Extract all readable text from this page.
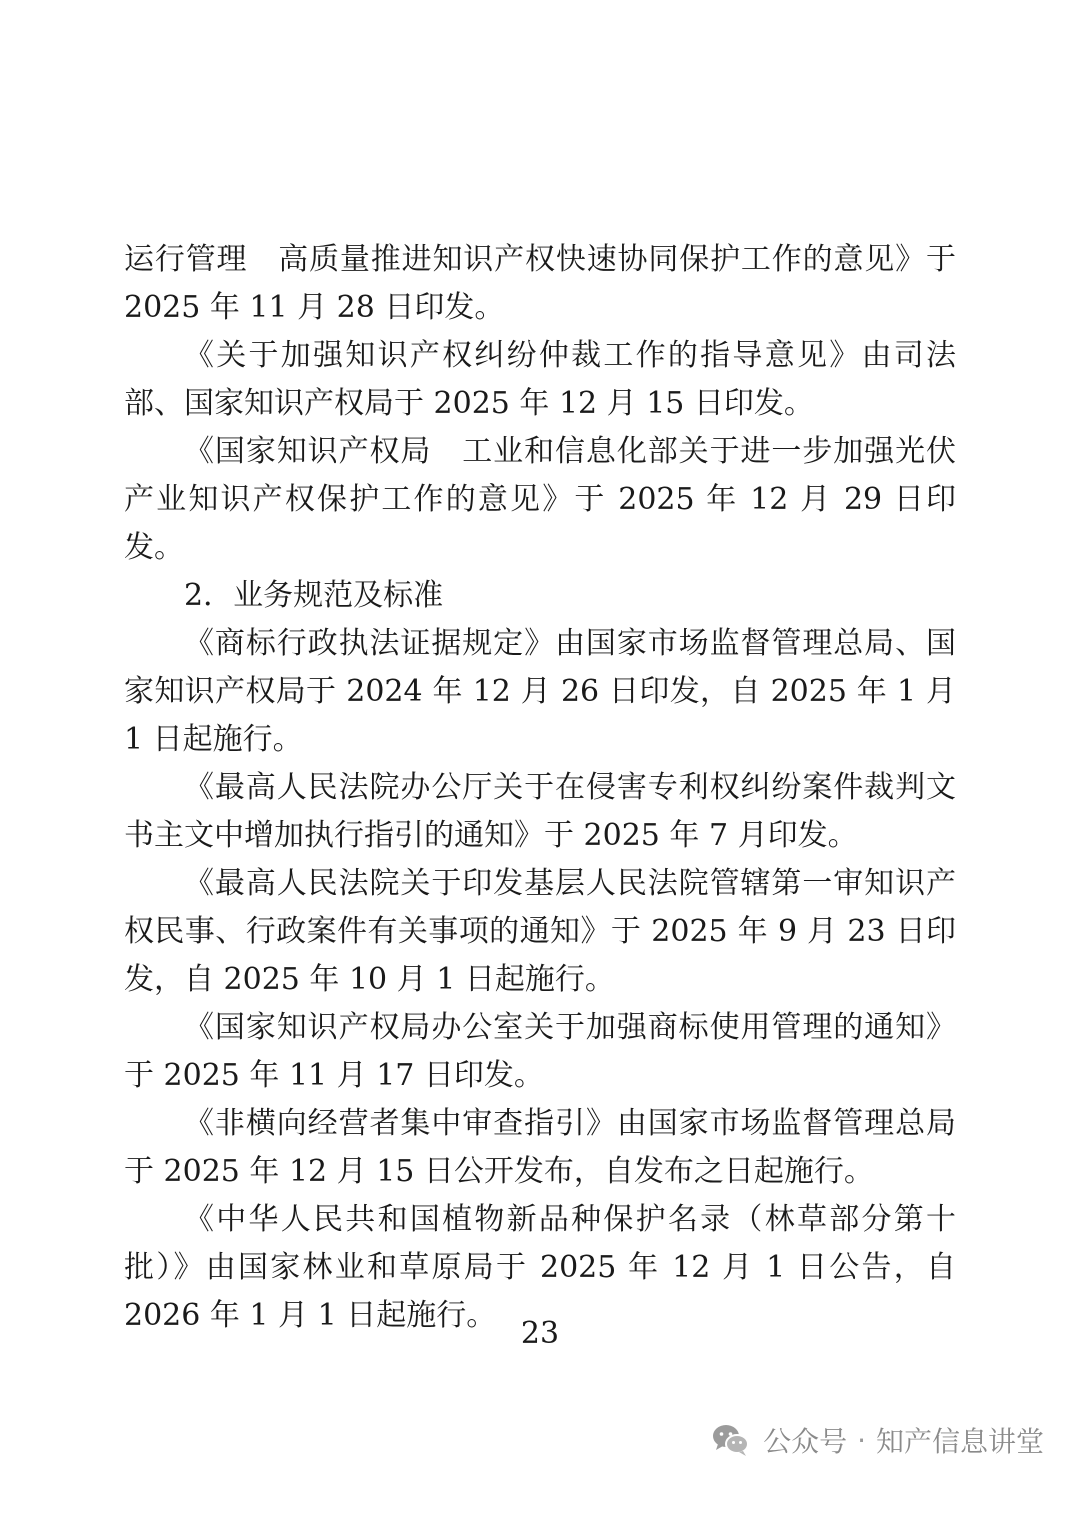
运行管理　高质量推进知识产权快速协同保护工作的意见》于 2025 年 11 月 28 日印发。

《关于加强知识产权纠纷仲裁工作的指导意见》由司法部、国家知识产权局于 2025 年 12 月 15 日印发。

《国家知识产权局　工业和信息化部关于进一步加强光伏产业知识产权保护工作的意见》于 2025 年 12 月 29 日印发。

2．业务规范及标准

《商标行政执法证据规定》由国家市场监督管理总局、国家知识产权局于 2024 年 12 月 26 日印发，自 2025 年 1 月 1 日起施行。

《最高人民法院办公厅关于在侵害专利权纠纷案件裁判文书主文中增加执行指引的通知》于 2025 年 7 月印发。

《最高人民法院关于印发基层人民法院管辖第一审知识产权民事、行政案件有关事项的通知》于 2025 年 9 月 23 日印发，自 2025 年 10 月 1 日起施行。

《国家知识产权局办公室关于加强商标使用管理的通知》于 2025 年 11 月 17 日印发。

《非横向经营者集中审查指引》由国家市场监督管理总局于 2025 年 12 月 15 日公开发布，自发布之日起施行。

《中华人民共和国植物新品种保护名录（林草部分第十批）》由国家林业和草原局于 2025 年 12 月 1 日公告，自 2026 年 1 月 1 日起施行。

23
公众号 · 知产信息讲堂
